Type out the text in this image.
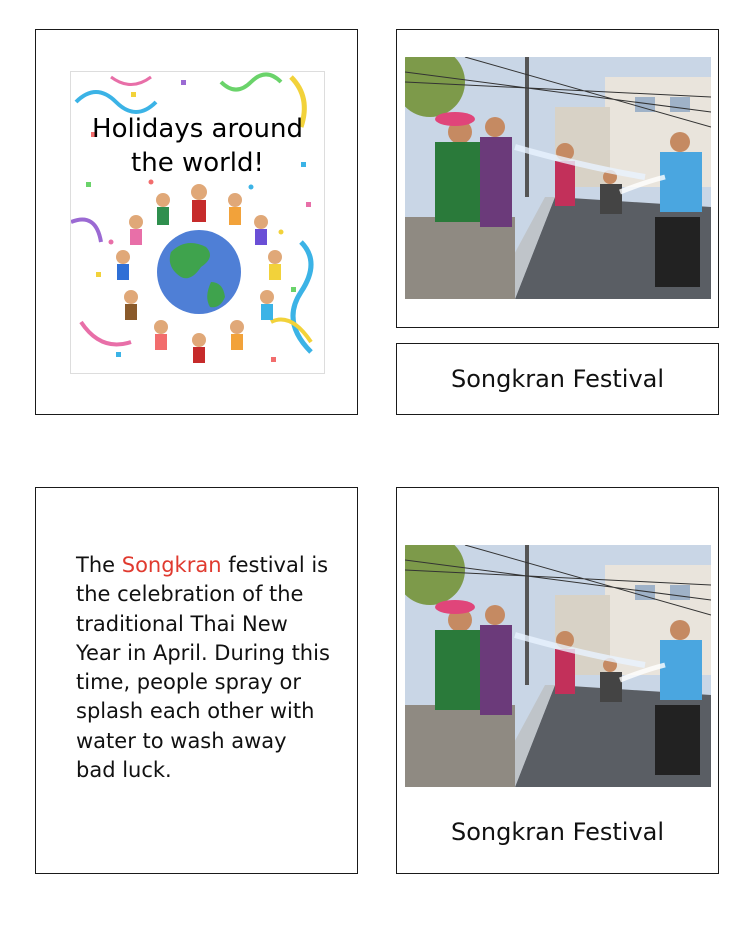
Holidays around
the world!
Songkran Festival
The Songkran festival is the celebration of the traditional Thai New Year in April. During this time, people spray or splash each other with water to wash away bad luck.
Songkran Festival
